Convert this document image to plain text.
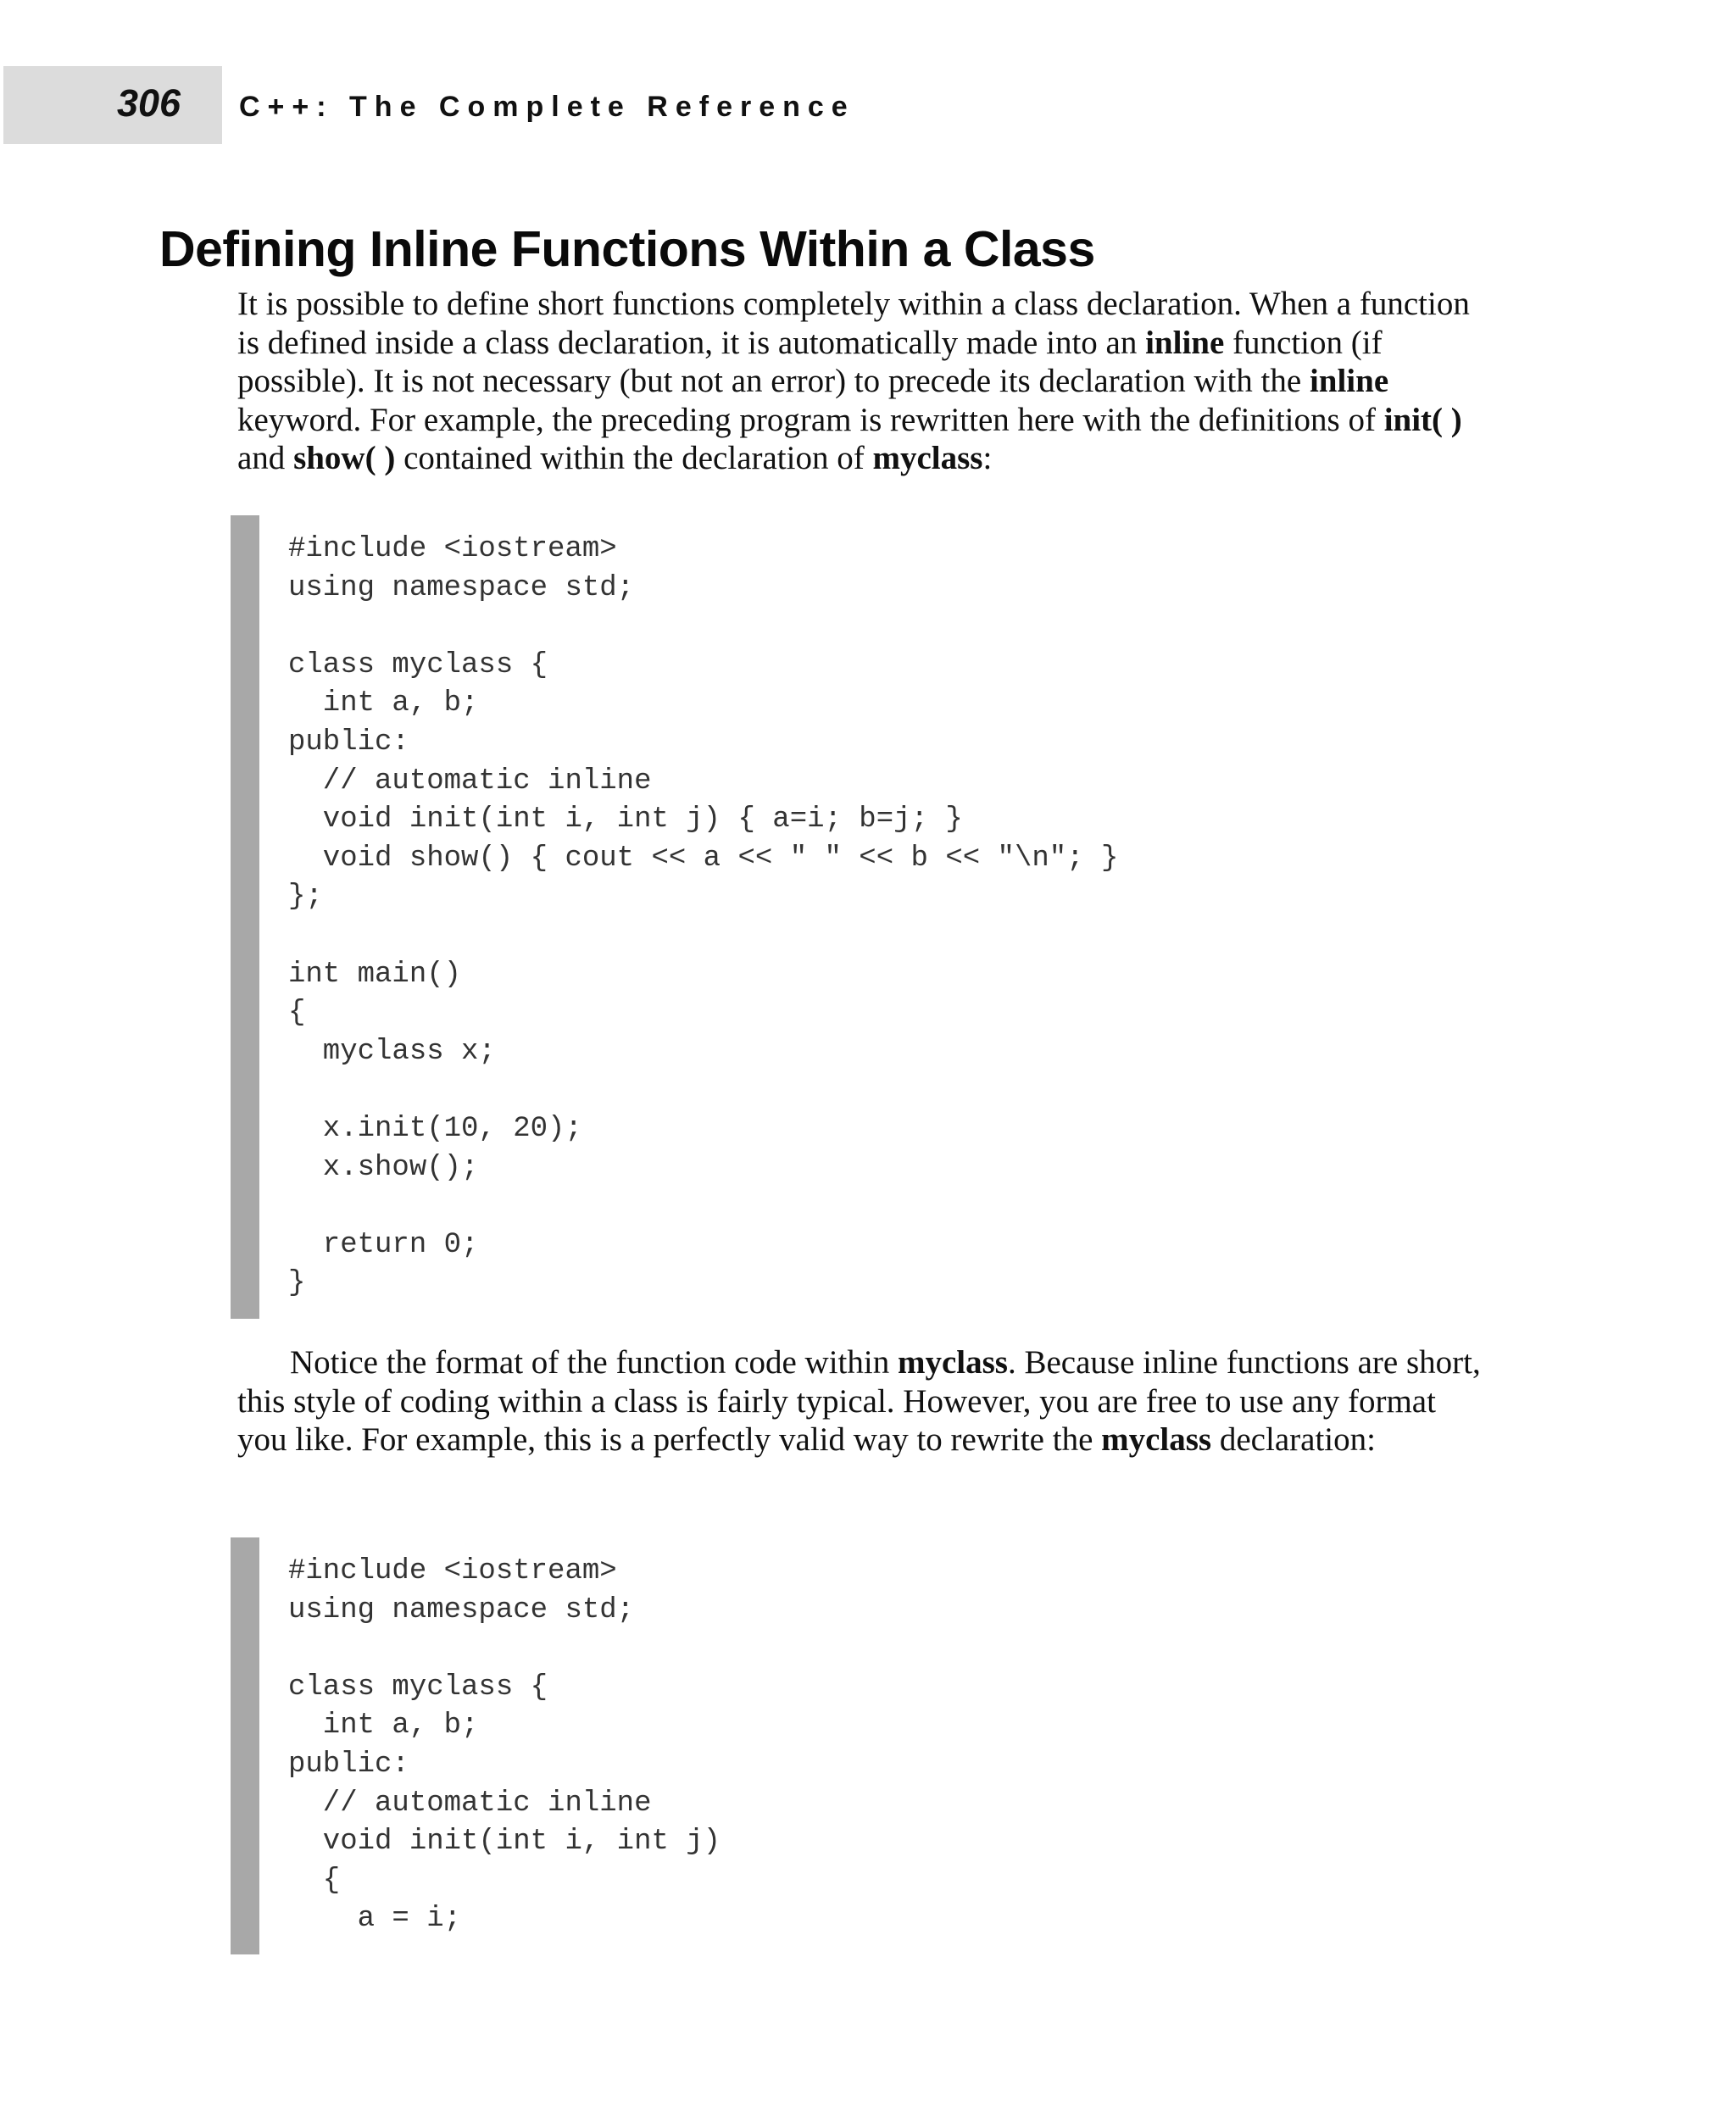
306 C++: The Complete Reference
Defining Inline Functions Within a Class

It is possible to define short functions completely within a class declaration. When a function is defined inside a class declaration, it is automatically made into an inline function (if possible). It is not necessary (but not an error) to precede its declaration with the inline keyword. For example, the preceding program is rewritten here with the definitions of init( ) and show( ) contained within the declaration of myclass:

#include <iostream>
using namespace std;

class myclass {
int a, b;
public:
// automatic inline
void init(int i, int j) { a=i; b=j; }
void show() { cout << a << " " << b << "\n"; }
};

int main()
{
myclass x;

x.init(10, 20);
x.show();

return 0;
}

Notice the format of the function code within myclass. Because inline functions are short, this style of coding within a class is fairly typical. However, you are free to use any format you like. For example, this is a perfectly valid way to rewrite the myclass declaration:

#include <iostream>
using namespace std;

class myclass {
int a, b;
public:
// automatic inline
void init(int i, int j)
{
a = i;
